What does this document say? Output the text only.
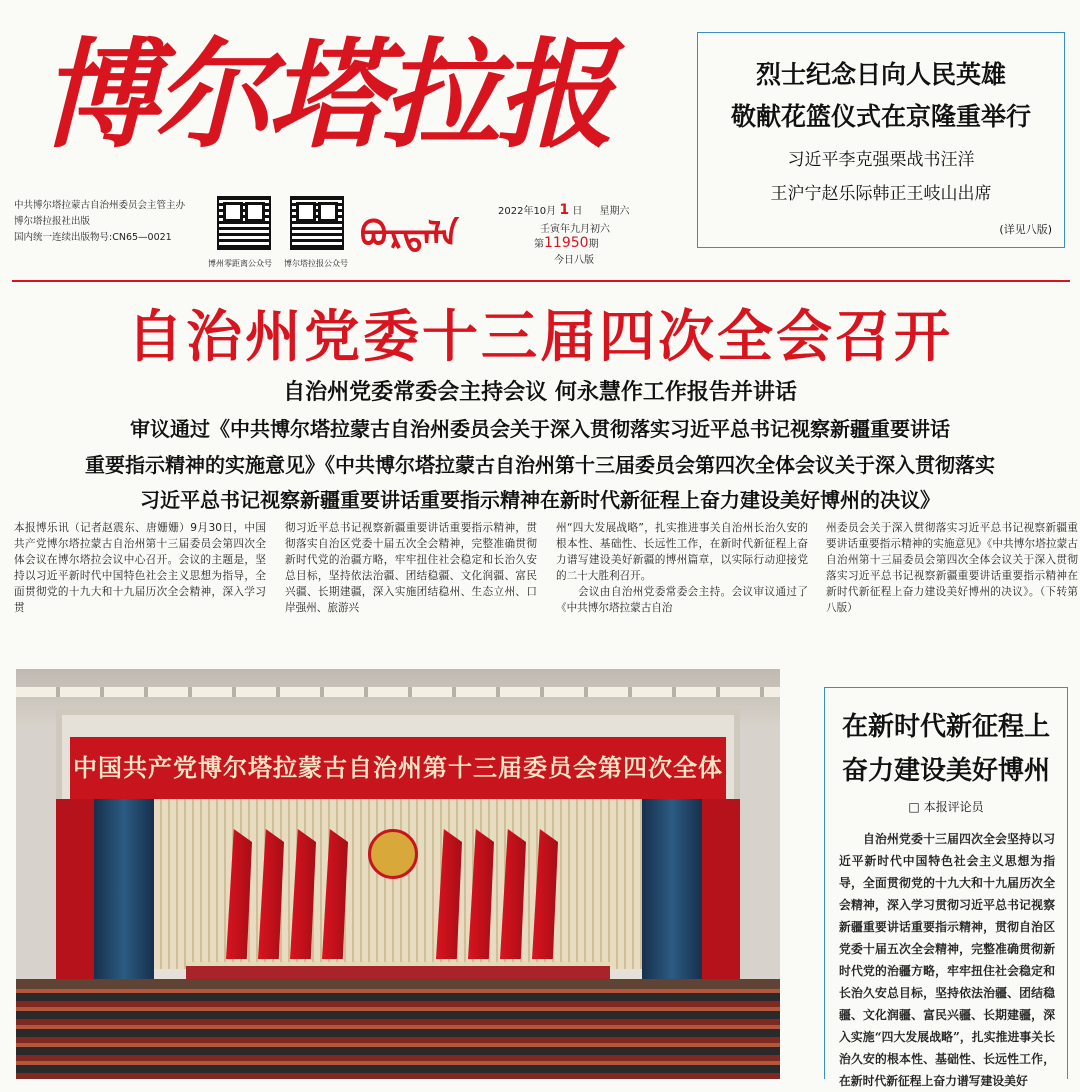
博尔塔拉报
中共博尔塔拉蒙古自治州委员会主管主办
博尔塔拉报社出版
国内统一连续出版物号:CN65—0021
博州零距离公众号 博尔塔拉报公众号
ᠪᠣᠷᠲᠠᠯᠠ
2022年10月 1 日 星期六
壬寅年九月初六
第11950期
今日八版
烈士纪念日向人民英雄
敬献花篮仪式在京隆重举行
习近平李克强栗战书汪洋
王沪宁赵乐际韩正王岐山出席
(详见八版)
自治州党委十三届四次全会召开
自治州党委常委会主持会议 何永慧作工作报告并讲话
审议通过《中共博尔塔拉蒙古自治州委员会关于深入贯彻落实习近平总书记视察新疆重要讲话
重要指示精神的实施意见》《中共博尔塔拉蒙古自治州第十三届委员会第四次全体会议关于深入贯彻落实
习近平总书记视察新疆重要讲话重要指示精神在新时代新征程上奋力建设美好博州的决议》
本报博乐讯（记者赵震东、唐姗姗）9月30日，中国共产党博尔塔拉蒙古自治州第十三届委员会第四次全体会议在博尔塔拉会议中心召开。会议的主题是，坚持以习近平新时代中国特色社会主义思想为指导，全面贯彻党的十九大和十九届历次全会精神，深入学习贯
彻习近平总书记视察新疆重要讲话重要指示精神，贯彻落实自治区党委十届五次全会精神，完整准确贯彻新时代党的治疆方略，牢牢扭住社会稳定和长治久安总目标，坚持依法治疆、团结稳疆、文化润疆、富民兴疆、长期建疆，深入实施团结稳州、生态立州、口岸强州、旅游兴
州“四大发展战略”，扎实推进事关自治州长治久安的根本性、基础性、长远性工作，在新时代新征程上奋力谱写建设美好新疆的博州篇章，以实际行动迎接党的二十大胜利召开。
　　会议由自治州党委常委会主持。会议审议通过了《中共博尔塔拉蒙古自治
州委员会关于深入贯彻落实习近平总书记视察新疆重要讲话重要指示精神的实施意见》《中共博尔塔拉蒙古自治州第十三届委员会第四次全体会议关于深入贯彻落实习近平总书记视察新疆重要讲话重要指示精神在新时代新征程上奋力建设美好博州的决议》。（下转第八版）
中国共产党博尔塔拉蒙古自治州第十三届委员会第四次全体
在新时代新征程上
奋力建设美好博州
□ 本报评论员
　　自治州党委十三届四次全会坚持以习近平新时代中国特色社会主义思想为指导，全面贯彻党的十九大和十九届历次全会精神，深入学习贯彻习近平总书记视察新疆重要讲话重要指示精神，贯彻自治区党委十届五次全会精神，完整准确贯彻新时代党的治疆方略，牢牢扭住社会稳定和长治久安总目标，坚持依法治疆、团结稳疆、文化润疆、富民兴疆、长期建疆，深入实施“四大发展战略”，扎实推进事关长治久安的根本性、基础性、长远性工作，在新时代新征程上奋力谱写建设美好
